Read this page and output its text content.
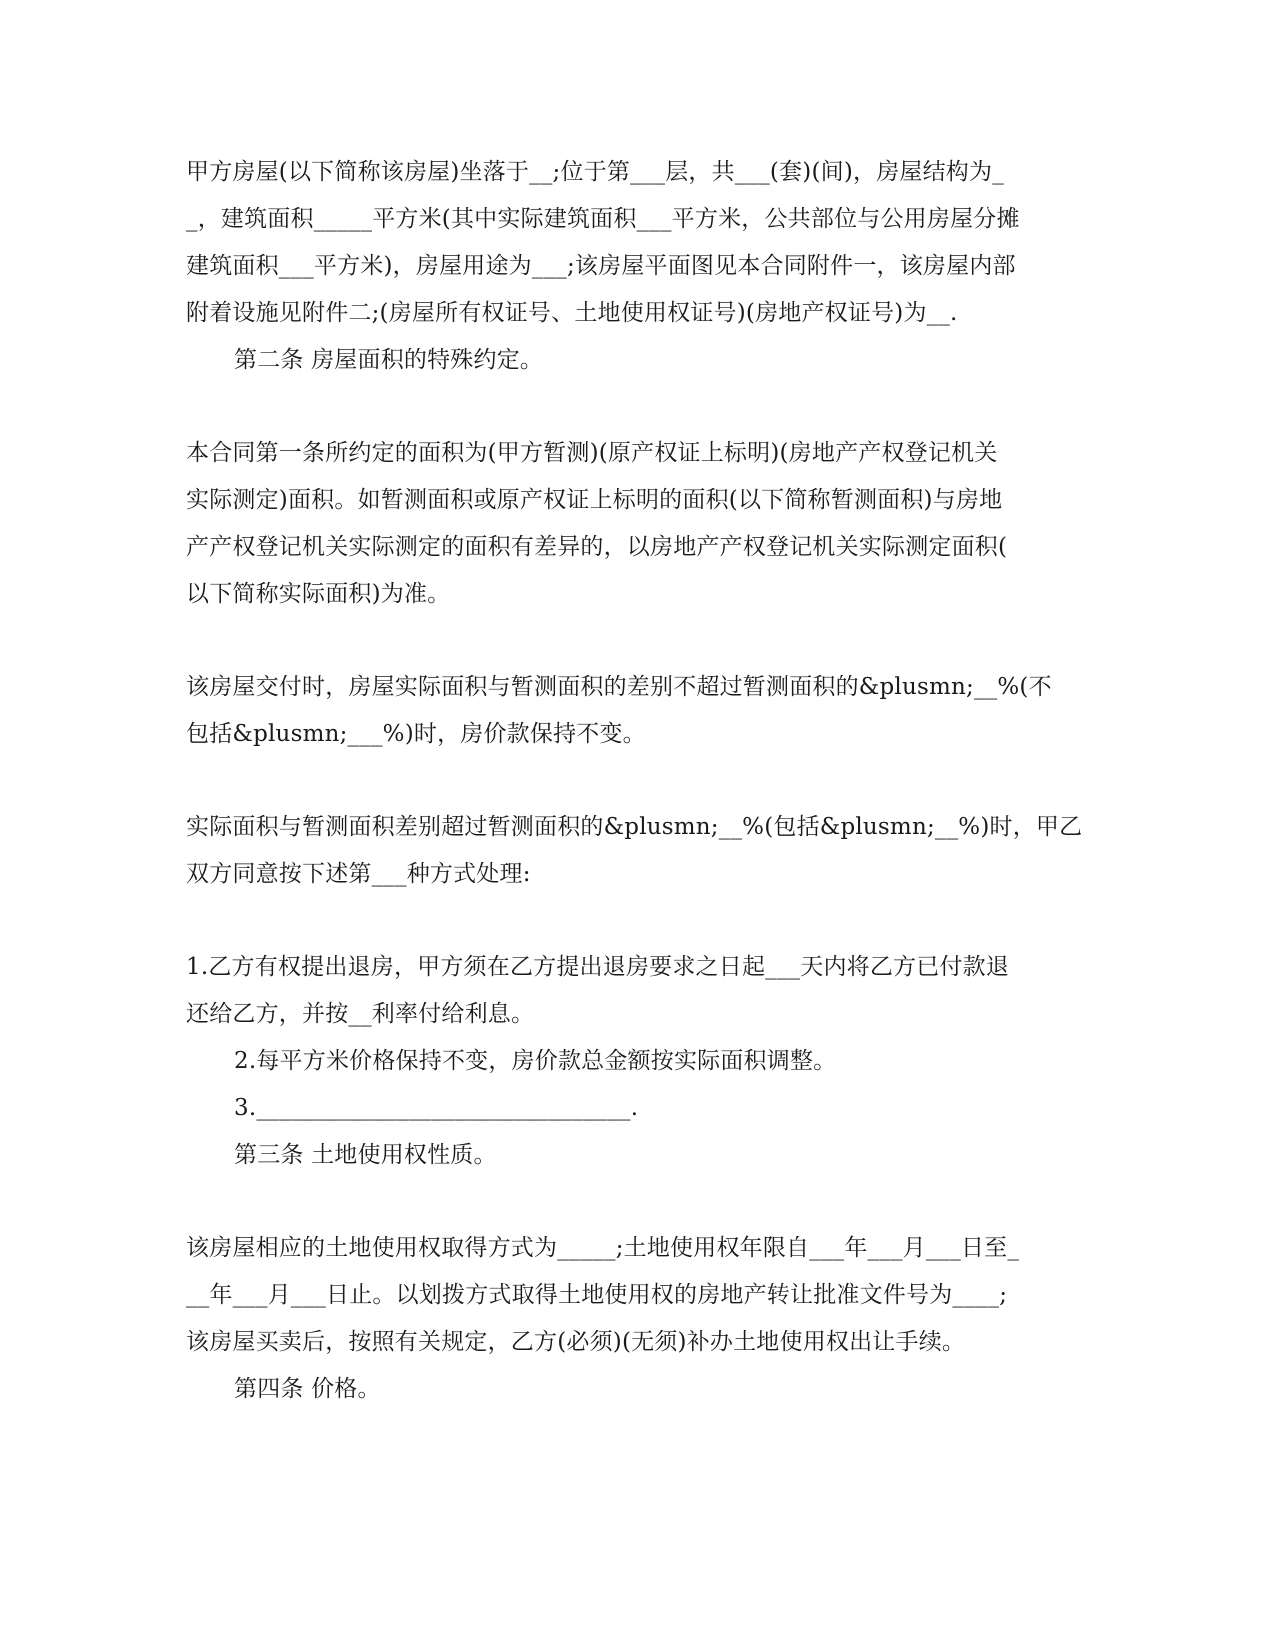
甲方房屋(以下简称该房屋)坐落于__;位于第___层，共___(套)(间)，房屋结构为_
_，建筑面积_____平方米(其中实际建筑面积___平方米，公共部位与公用房屋分摊
建筑面积___平方米)，房屋用途为___;该房屋平面图见本合同附件一，该房屋内部
附着设施见附件二;(房屋所有权证号、土地使用权证号)(房地产权证号)为__.
第二条 房屋面积的特殊约定。
本合同第一条所约定的面积为(甲方暂测)(原产权证上标明)(房地产产权登记机关
实际测定)面积。如暂测面积或原产权证上标明的面积(以下简称暂测面积)与房地
产产权登记机关实际测定的面积有差异的，以房地产产权登记机关实际测定面积(
以下简称实际面积)为准。
该房屋交付时，房屋实际面积与暂测面积的差别不超过暂测面积的&plusmn;__%(不
包括&plusmn;___%)时，房价款保持不变。
实际面积与暂测面积差别超过暂测面积的&plusmn;__%(包括&plusmn;__%)时，甲乙
双方同意按下述第___种方式处理:
1.乙方有权提出退房，甲方须在乙方提出退房要求之日起___天内将乙方已付款退
还给乙方，并按__利率付给利息。
2.每平方米价格保持不变，房价款总金额按实际面积调整。
3.________________________________.
第三条 土地使用权性质。
该房屋相应的土地使用权取得方式为_____;土地使用权年限自___年___月___日至_
__年___月___日止。以划拨方式取得土地使用权的房地产转让批准文件号为____;
该房屋买卖后，按照有关规定，乙方(必须)(无须)补办土地使用权出让手续。
第四条 价格。
